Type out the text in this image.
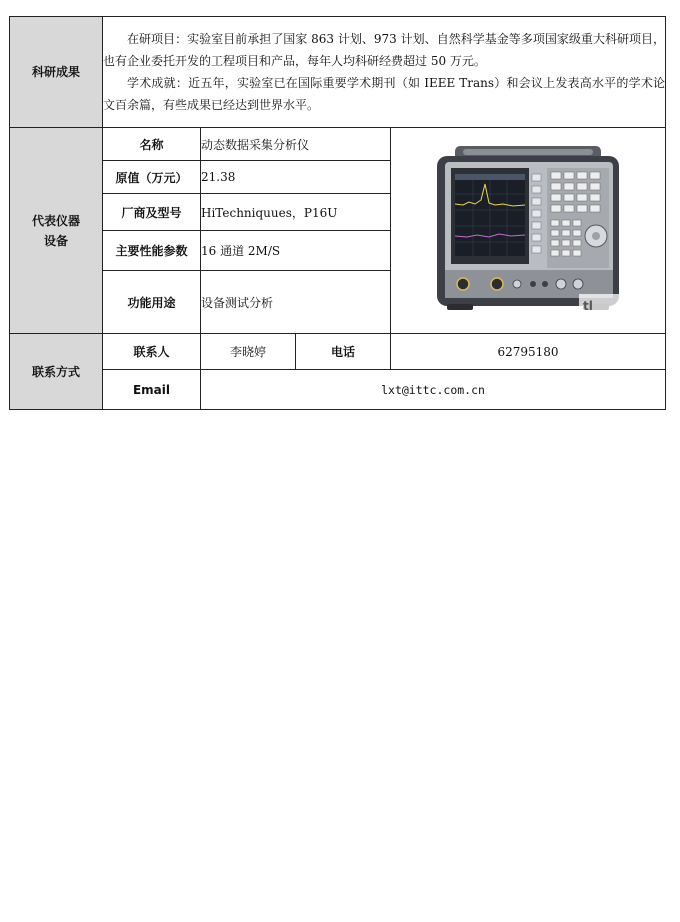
科研成果	在研项目：实验室目前承担了国家 863 计划、973 计划、自然科学基金等多项国家级重大科研项目，也有企业委托开发的工程项目和产品，每年人均科研经费超过 50 万元。

学术成就：近五年，实验室已在国际重要学术期刊（如 IEEE Trans）和会议上发表高水平的学术论文百余篇，有些成果已经达到世界水平。			

代表仪器
设备	名称	动态数据采集分析仪		tl

	原值（万元）	21.38		
	厂商及型号	HiTechniquues，P16U		
	主要性能参数	16 通道 2M/S		
	功能用途	设备测试分析		
联系方式	联系人	李晓婷	电话	62795180
	Email	lxt@ittc.com.cn		
